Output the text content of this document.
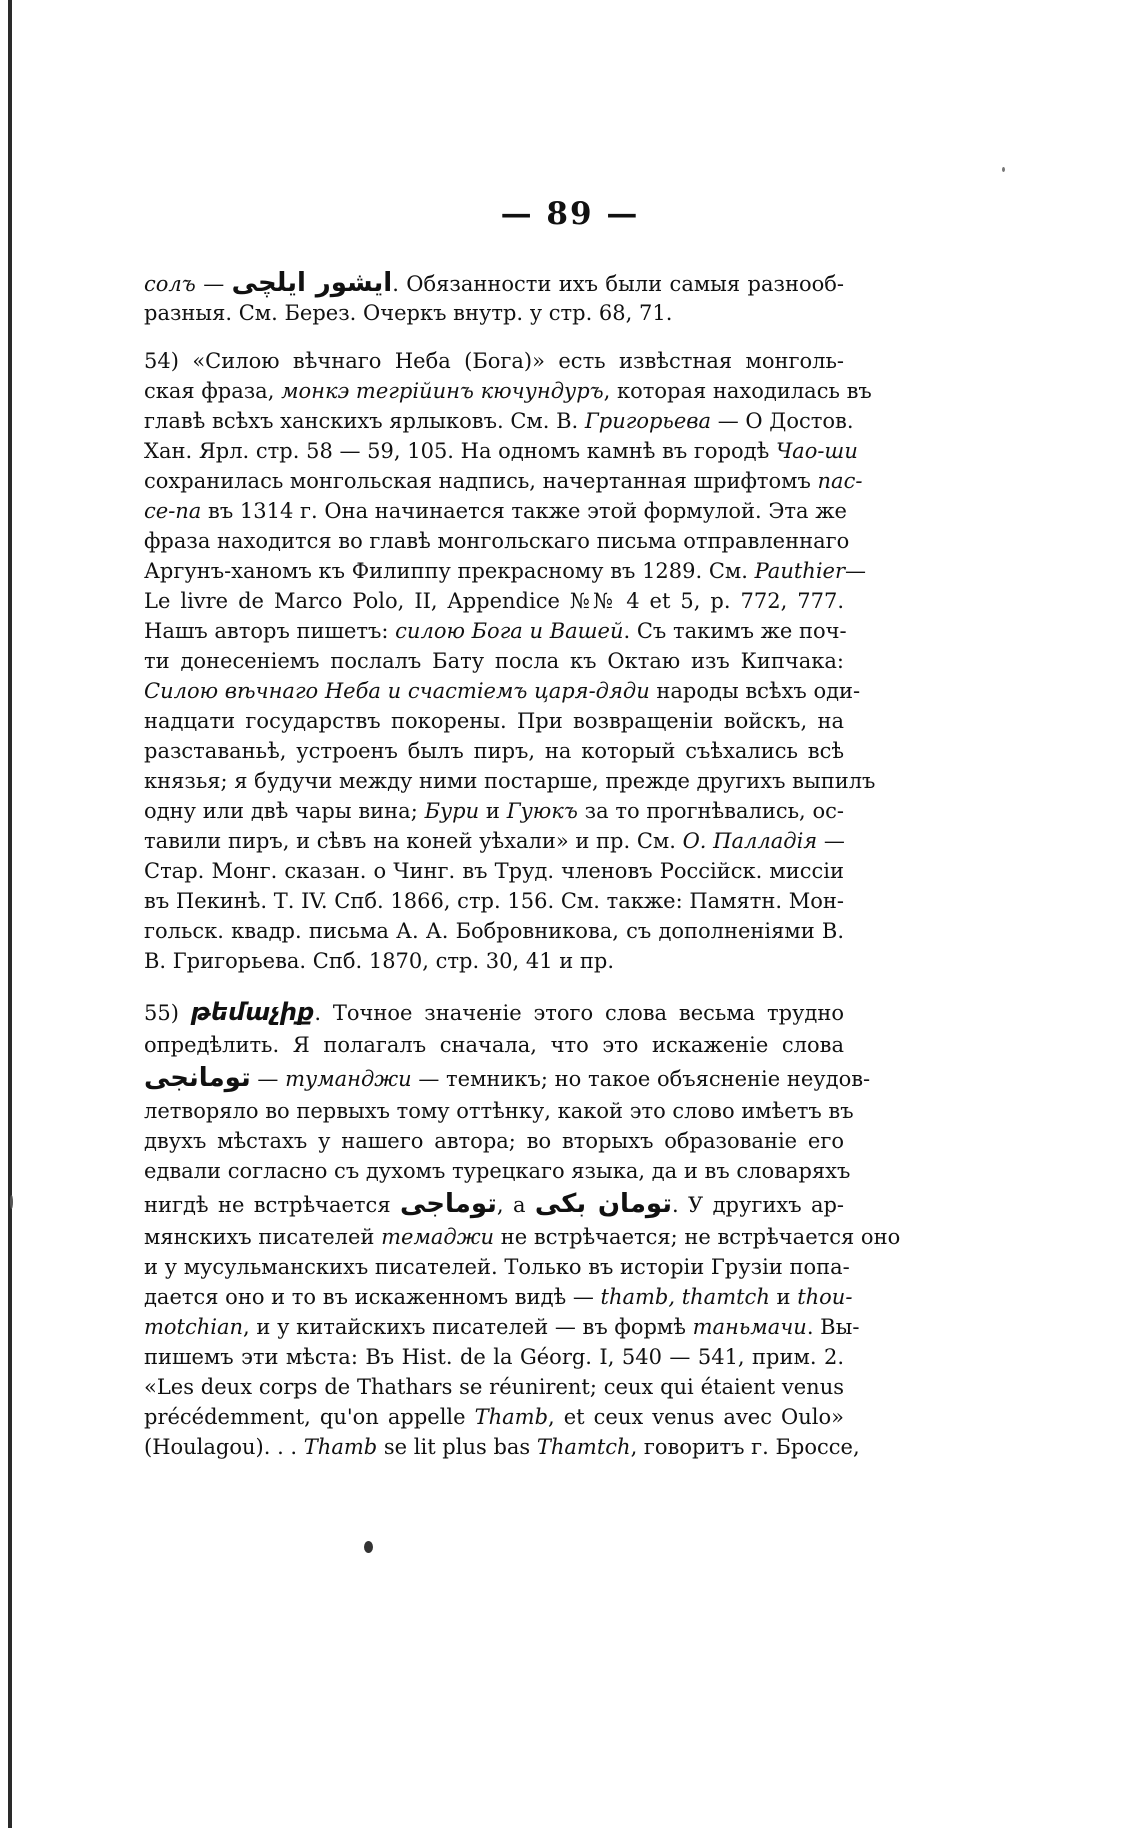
— 89 —
солъ — ایشور ایلچی. Обязанности ихъ были самыя разнооб-
разныя. См. Берез. Очеркъ внутр. у стр. 68, 71.
54) «Силою вѣчнаго Неба (Бога)» есть извѣстная монголь-
ская фраза, монкэ тегрійинъ кючундуръ, которая находилась въ
главѣ всѣхъ ханскихъ ярлыковъ. См. В. Григорьева — О Достов.
Хан. Ярл. стр. 58 — 59, 105. На одномъ камнѣ въ городѣ Чао-ши
сохранилась монгольская надпись, начертанная шрифтомъ пас-
се-па въ 1314 г. Она начинается также этой формулой. Эта же
фраза находится во главѣ монгольскаго письма отправленнаго
Аргунъ-ханомъ къ Филиппу прекрасному въ 1289. См. Pauthier—
Le livre de Marco Polo, II, Appendice №№ 4 et 5, p. 772, 777.
Нашъ авторъ пишетъ: силою Бога и Вашей. Съ такимъ же поч-
ти донесеніемъ послалъ Бату посла къ Октаю изъ Кипчака:
Силою вѣчнаго Неба и счастіемъ царя-дяди народы всѣхъ оди-
надцати государствъ покорены. При возвращеніи войскъ, на
разставаньѣ, устроенъ былъ пиръ, на который съѣхались всѣ
князья; я будучи между ними постарше, прежде другихъ выпилъ
одну или двѣ чары вина; Бури и Гуюкъ за то прогнѣвались, ос-
тавили пиръ, и сѣвъ на коней уѣхали» и пр. См. О. Палладія —
Стар. Монг. сказан. о Чинг. въ Труд. членовъ Россійск. миссіи
въ Пекинѣ. Т. IV. Спб. 1866, стр. 156. См. также: Памятн. Мон-
гольск. квадр. письма А. А. Бобровникова, съ дополненіями В.
В. Григорьева. Спб. 1870, стр. 30, 41 и пр.
55) թեմաչիք. Точное значеніе этого слова весьма трудно
опредѣлить. Я полагалъ сначала, что это искаженіе слова
تومانجی — туманджи — темникъ; но такое объясненіе неудов-
летворяло во первыхъ тому оттѣнку, какой это слово имѣетъ въ
двухъ мѣстахъ у нашего автора; во вторыхъ образованіе его
едвали согласно съ духомъ турецкаго языка, да и въ словаряхъ
нигдѣ не встрѣчается توماجی, а تومان بکی. У другихъ ар-
мянскихъ писателей темаджи не встрѣчается; не встрѣчается оно
и у мусульманскихъ писателей. Только въ исторіи Грузіи попа-
дается оно и то въ искаженномъ видѣ — thamb, thamtch и thou-
motchian, и у китайскихъ писателей — въ формѣ таньмачи. Вы-
пишемъ эти мѣста: Въ Hist. de la Géorg. I, 540 — 541, прим. 2.
«Les deux corps de Thathars se réunirent; ceux qui étaient venus
précédemment, qu'on appelle Thamb, et ceux venus avec Oulo»
(Houlagou). . . Thamb se lit plus bas Thamtch, говоритъ г. Броссе,
